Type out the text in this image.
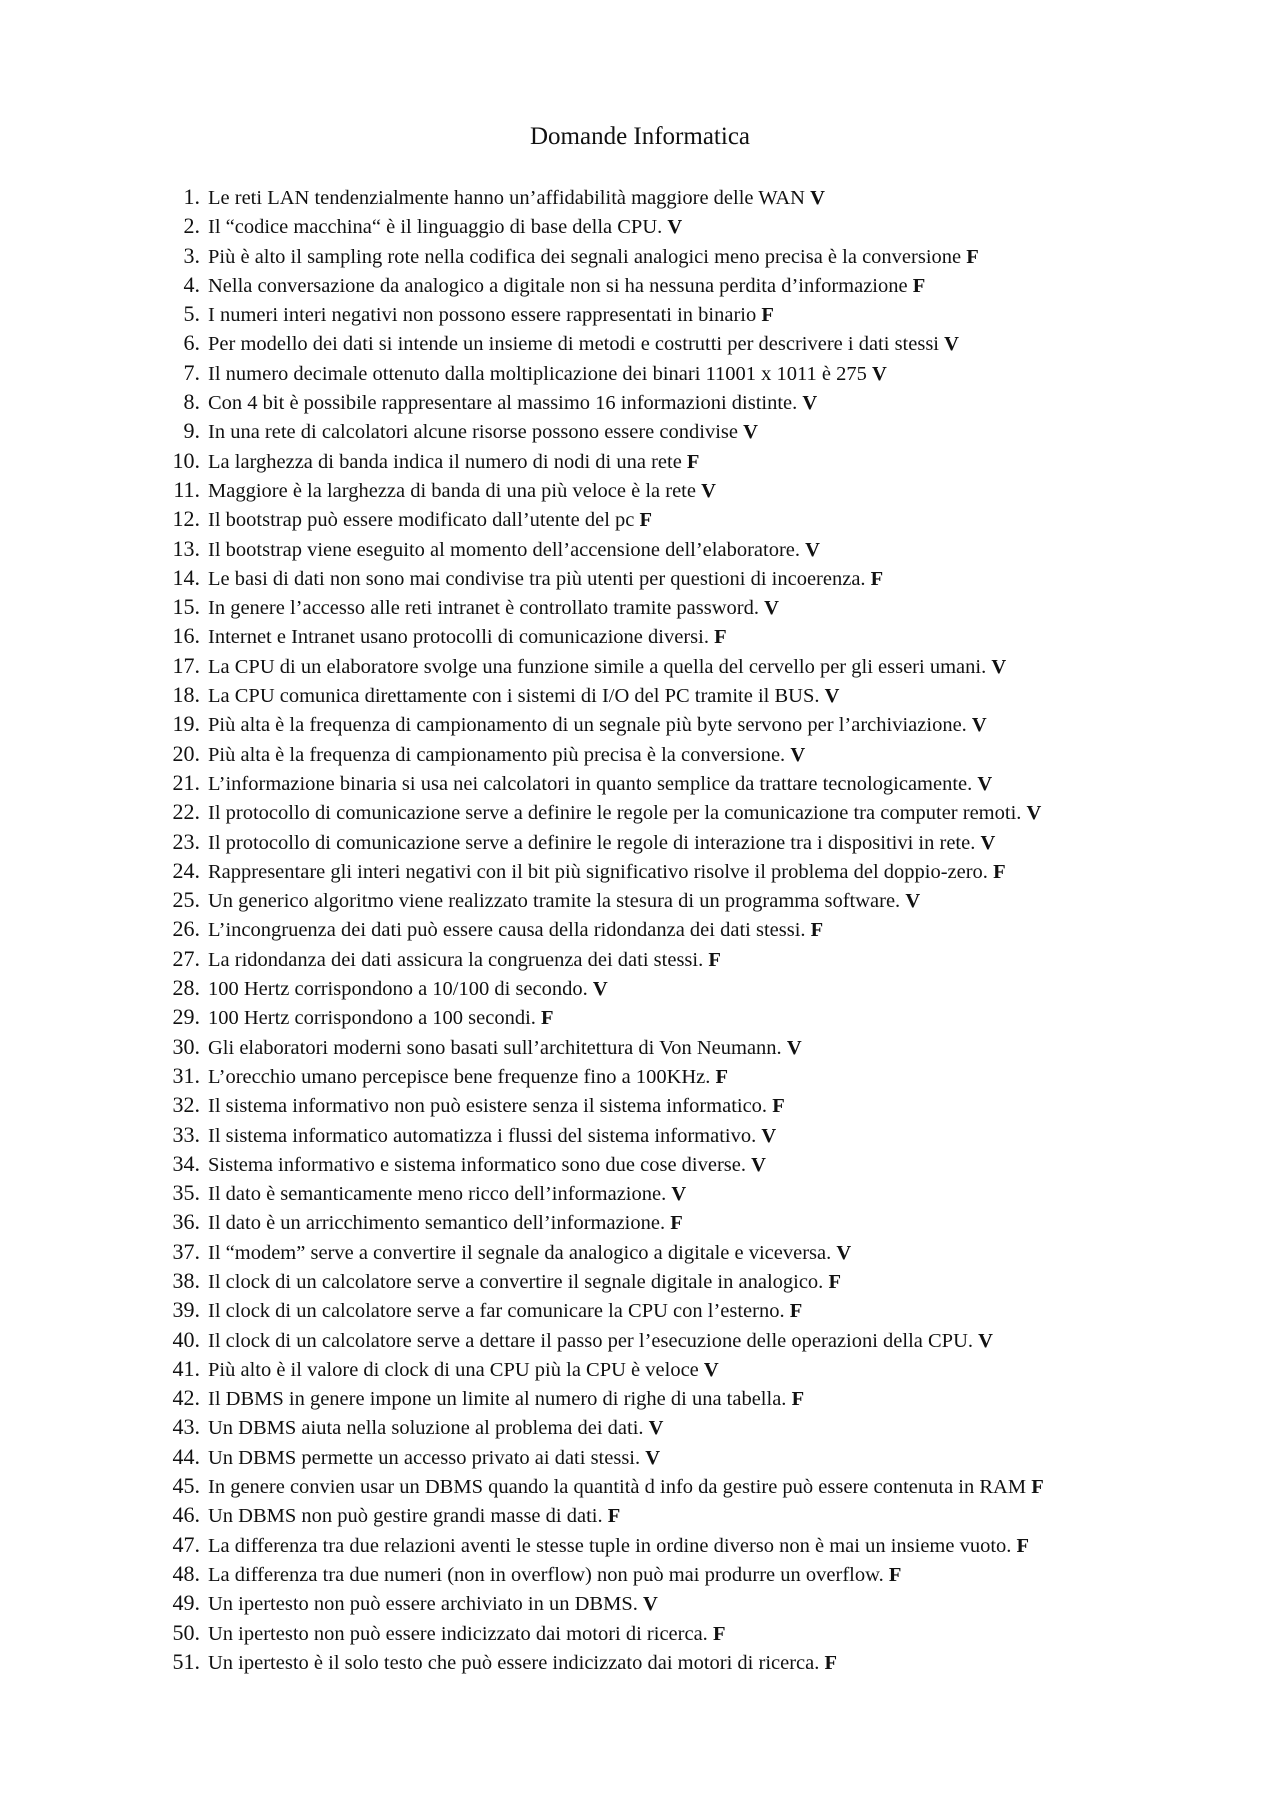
Domande Informatica
1. Le reti LAN tendenzialmente hanno un’affidabilità maggiore delle WAN V
2. Il “codice macchina“ è il linguaggio di base della CPU. V
3. Più è alto il sampling rote nella codifica dei segnali analogici meno precisa è la conversione F
4. Nella conversazione da analogico a digitale non si ha nessuna perdita d’informazione F
5. I numeri interi negativi non possono essere rappresentati in binario F
6. Per modello dei dati si intende un insieme di metodi e costrutti per descrivere i dati stessi V
7. Il numero decimale ottenuto dalla moltiplicazione dei binari 11001 x 1011 è 275 V
8. Con 4 bit è possibile rappresentare al massimo 16 informazioni distinte. V
9. In una rete di calcolatori alcune risorse possono essere condivise V
10. La larghezza di banda indica il numero di nodi di una rete F
11. Maggiore è la larghezza di banda di una più veloce è la rete V
12. Il bootstrap può essere modificato dall’utente del pc F
13. Il bootstrap viene eseguito al momento dell’accensione dell’elaboratore. V
14. Le basi di dati non sono mai condivise tra più utenti per questioni di incoerenza. F
15. In genere l’accesso alle reti intranet è controllato tramite password. V
16. Internet e Intranet usano protocolli di comunicazione diversi. F
17. La CPU di un elaboratore svolge una funzione simile a quella del cervello per gli esseri umani. V
18. La CPU comunica direttamente con i sistemi di I/O del PC tramite il BUS. V
19. Più alta è la frequenza di campionamento di un segnale più byte servono per l’archiviazione. V
20. Più alta è la frequenza di campionamento più precisa è la conversione. V
21. L’informazione binaria si usa nei calcolatori in quanto semplice da trattare tecnologicamente. V
22. Il protocollo di comunicazione serve a definire le regole per la comunicazione tra computer remoti. V
23. Il protocollo di comunicazione serve a definire le regole di interazione tra i dispositivi in rete. V
24. Rappresentare gli interi negativi con il bit più significativo risolve il problema del doppio-zero. F
25. Un generico algoritmo viene realizzato tramite la stesura di un programma software. V
26. L’incongruenza dei dati può essere causa della ridondanza dei dati stessi. F
27. La ridondanza dei dati assicura la congruenza dei dati stessi. F
28. 100 Hertz corrispondono a 10/100 di secondo. V
29. 100 Hertz corrispondono a 100 secondi. F
30. Gli elaboratori moderni sono basati sull’architettura di Von Neumann. V
31. L’orecchio umano percepisce bene frequenze fino a 100KHz. F
32. Il sistema informativo non può esistere senza il sistema informatico. F
33. Il sistema informatico automatizza i flussi del sistema informativo. V
34. Sistema informativo e sistema informatico sono due cose diverse. V
35. Il dato è semanticamente meno ricco dell’informazione. V
36. Il dato è un arricchimento semantico dell’informazione. F
37. Il “modem” serve a convertire il segnale da analogico a digitale e viceversa. V
38. Il clock di un calcolatore serve a convertire il segnale digitale in analogico. F
39. Il clock di un calcolatore serve a far comunicare la CPU con l’esterno. F
40. Il clock di un calcolatore serve a dettare il passo per l’esecuzione delle operazioni della CPU. V
41. Più alto è il valore di clock di una CPU più la CPU è veloce V
42. Il DBMS in genere impone un limite al numero di righe di una tabella. F
43. Un DBMS aiuta nella soluzione al problema dei dati. V
44. Un DBMS permette un accesso privato ai dati stessi. V
45. In genere convien usar un DBMS quando la quantità d info da gestire può essere contenuta in RAM F
46. Un DBMS non può gestire grandi masse di dati. F
47. La differenza tra due relazioni aventi le stesse tuple in ordine diverso non è mai un insieme vuoto. F
48. La differenza tra due numeri (non in overflow) non può mai produrre un overflow. F
49. Un ipertesto non può essere archiviato in un DBMS. V
50. Un ipertesto non può essere indicizzato dai motori di ricerca. F
51. Un ipertesto è il solo testo che può essere indicizzato dai motori di ricerca. F
